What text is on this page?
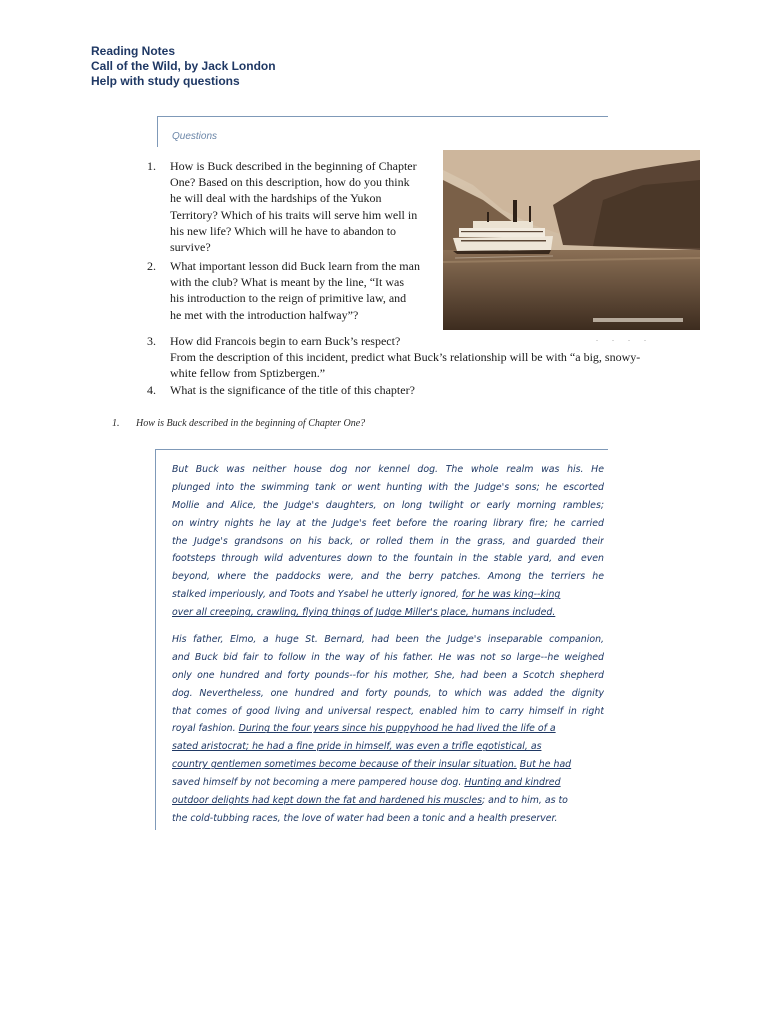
Reading Notes
Call of the Wild, by Jack London
Help with study questions
Questions
. . . .
1.	How is Buck described in the beginning of Chapter
One? Based on this description, how do you think
he will deal with the hardships of the Yukon
Territory? Which of his traits will serve him well in
his new life? Which will he have to abandon to
survive?
2.	What important lesson did Buck learn from the man
with the club? What is meant by the line, “It was
his introduction to the reign of primitive law, and
he met with the introduction halfway”?
3.	How did Francois begin to earn Buck’s respect?
From the description of this incident, predict what Buck’s relationship will be with “a big, snowy-
white fellow from Sptizbergen.”
4.	What is the significance of the title of this chapter?
1. How is Buck described in the beginning of Chapter One?
But Buck was neither house dog nor kennel dog. The whole realm was his. He
plunged into the swimming tank or went hunting with the Judge's sons; he escorted
Mollie and Alice, the Judge's daughters, on long twilight or early morning rambles;
on wintry nights he lay at the Judge's feet before the roaring library fire; he carried
the Judge's grandsons on his back, or rolled them in the grass, and guarded their
footsteps through wild adventures down to the fountain in the stable yard, and even
beyond, where the paddocks were, and the berry patches. Among the terriers he
stalked imperiously, and Toots and Ysabel he utterly ignored, for he was king--king
over all creeping, crawling, flying things of Judge Miller's place, humans included.
His father, Elmo, a huge St. Bernard, had been the Judge's inseparable companion,
and Buck bid fair to follow in the way of his father. He was not so large--he weighed
only one hundred and forty pounds--for his mother, She, had been a Scotch shepherd
dog. Nevertheless, one hundred and forty pounds, to which was added the dignity
that comes of good living and universal respect, enabled him to carry himself in right
royal fashion. During the four years since his puppyhood he had lived the life of a
sated aristocrat; he had a fine pride in himself, was even a trifle egotistical, as
country gentlemen sometimes become because of their insular situation. But he had
saved himself by not becoming a mere pampered house dog. Hunting and kindred
outdoor delights had kept down the fat and hardened his muscles; and to him, as to
the cold-tubbing races, the love of water had been a tonic and a health preserver.
